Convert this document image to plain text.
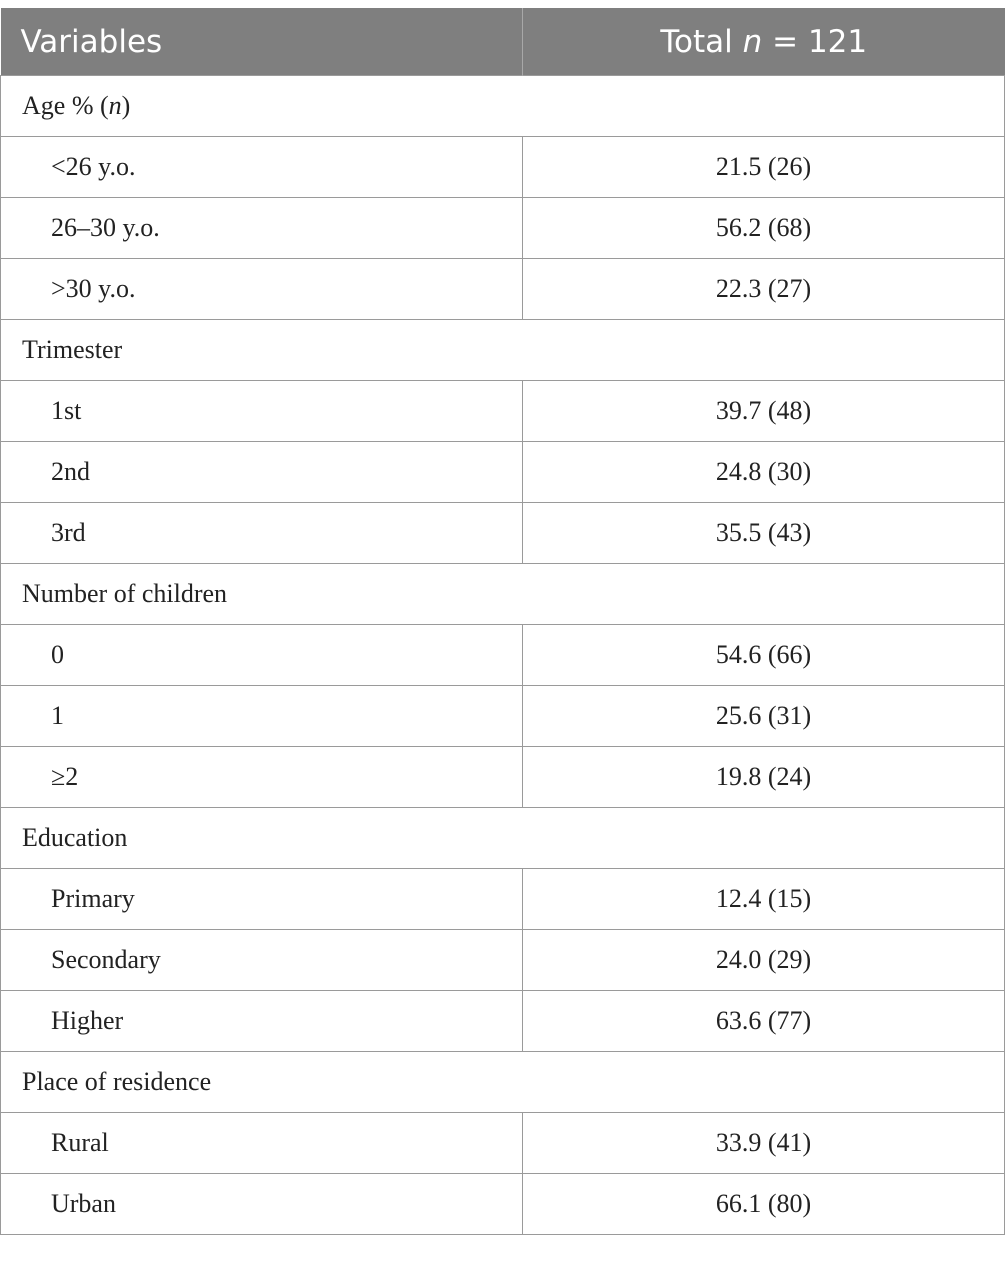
Variables	Total n = 121
Age % (n)	
<26 y.o.	21.5 (26)
26–30 y.o.	56.2 (68)
>30 y.o.	22.3 (27)
Trimester	
1st	39.7 (48)
2nd	24.8 (30)
3rd	35.5 (43)
Number of children	
0	54.6 (66)
1	25.6 (31)
≥2	19.8 (24)
Education	
Primary	12.4 (15)
Secondary	24.0 (29)
Higher	63.6 (77)
Place of residence	
Rural	33.9 (41)
Urban	66.1 (80)
